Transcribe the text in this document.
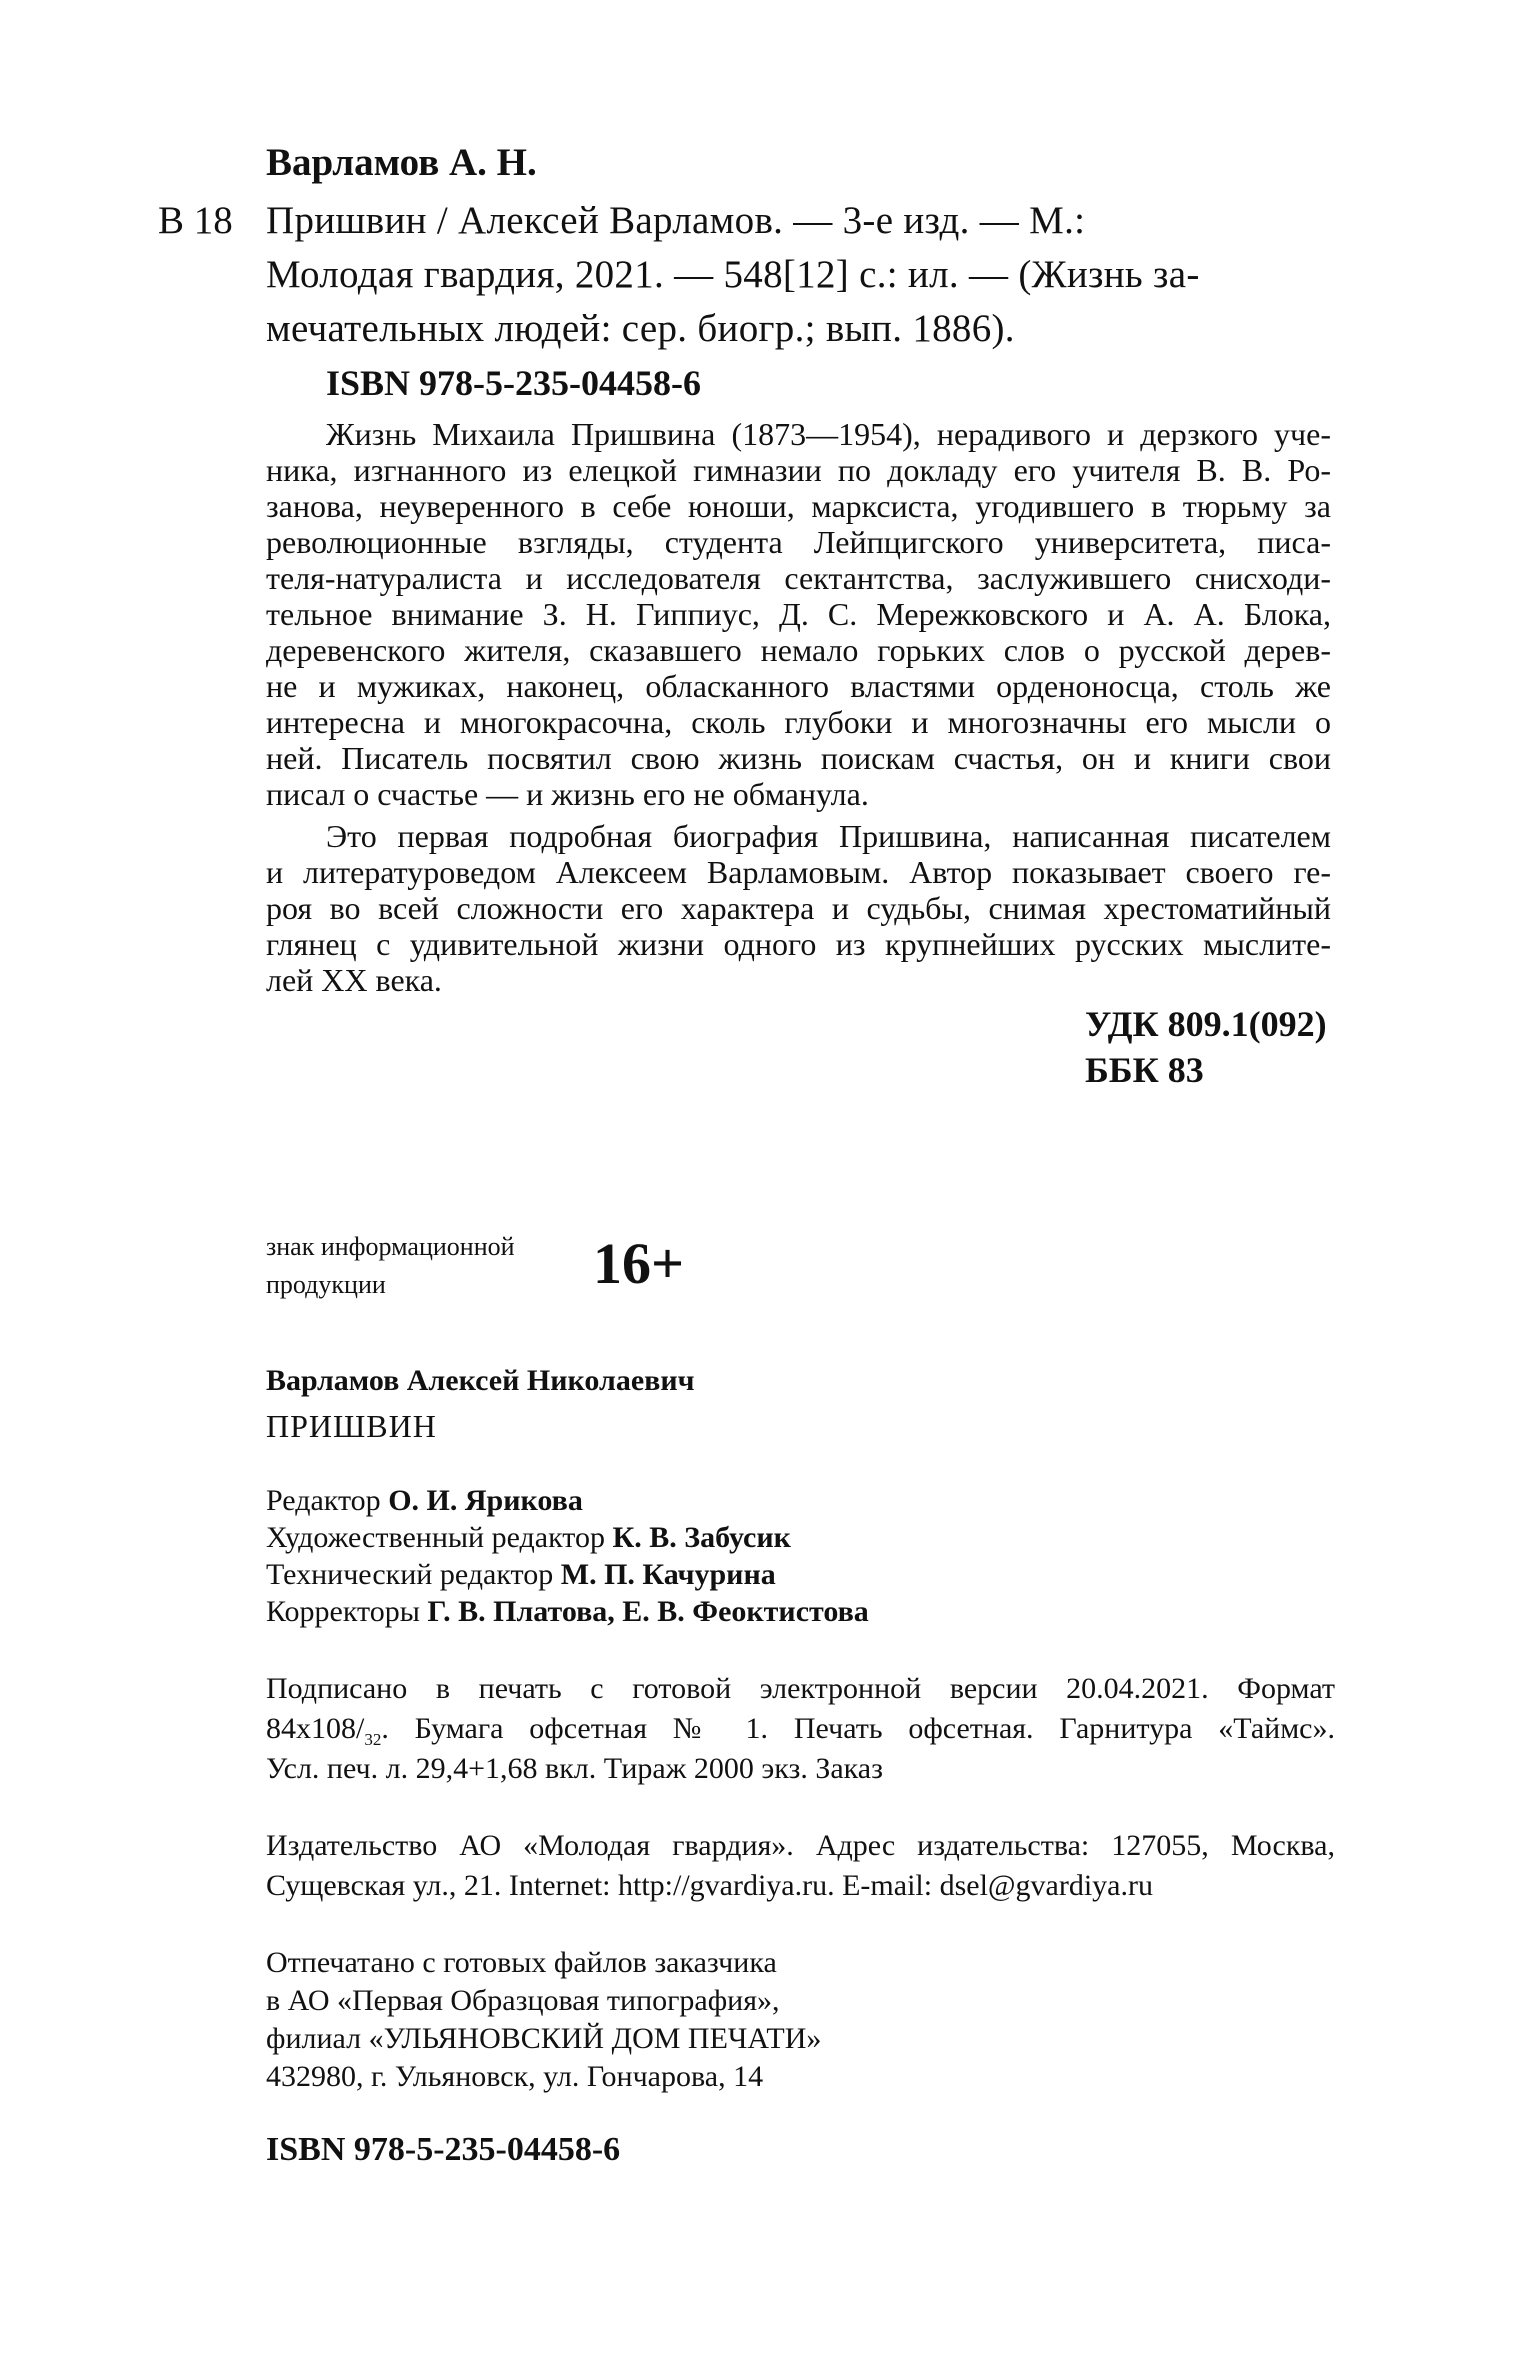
Варламов А. Н.
В 18 Пришвин / Алексей Варламов. — 3-е изд. — М.:
Молодая гвардия, 2021. — 548[12] с.: ил. — (Жизнь за-
мечательных людей: сер. биогр.; вып. 1886).
ISBN 978-5-235-04458-6
Жизнь Михаила Пришвина (1873—1954), нерадивого и дерзкого уче-
ника, изгнанного из елецкой гимназии по докладу его учителя В. В. Ро-
занова, неуверенного в себе юноши, марксиста, угодившего в тюрьму за
революционные взгляды, студента Лейпцигского университета, писа-
теля-натуралиста и исследователя сектантства, заслужившего снисходи-
тельное внимание З. Н. Гиппиус, Д. С. Мережковского и А. А. Блока,
деревенского жителя, сказавшего немало горьких слов о русской дерев-
не и мужиках, наконец, обласканного властями орденоносца, столь же
интересна и многокрасочна, сколь глубоки и многозначны его мысли о
ней. Писатель посвятил свою жизнь поискам счастья, он и книги свои
писал о счастье — и жизнь его не обманула.
Это первая подробная биография Пришвина, написанная писателем
и литературоведом Алексеем Варламовым. Автор показывает своего ге-
роя во всей сложности его характера и судьбы, снимая хрестоматийный
глянец с удивительной жизни одного из крупнейших русских мыслите-
лей XX века.
УДК 809.1(092)
ББК 83
знак информационной
продукции	16+
Варламов Алексей Николаевич
ПРИШВИН
Редактор О. И. Ярикова
Художественный редактор К. В. Забусик
Технический редактор М. П. Качурина
Корректоры Г. В. Платова, Е. В. Феоктистова
Подписано в печать с готовой электронной версии 20.04.2021. Формат
$84x108/_{32}$. Бумага офсетная № 1. Печать офсетная. Гарнитура «Таймс».
Усл. печ. л. 29,4+1,68 вкл. Тираж 2000 экз. Заказ
Издательство АО «Молодая гвардия». Адрес издательства: 127055, Москва,
Сущевская ул., 21. Internet: http://gvardiya.ru. E-mail: dsel@gvardiya.ru
Отпечатано с готовых файлов заказчика
в АО «Первая Образцовая типография»,
филиал «УЛЬЯНОВСКИЙ ДОМ ПЕЧАТИ»
432980, г. Ульяновск, ул. Гончарова, 14
ISBN 978-5-235-04458-6
